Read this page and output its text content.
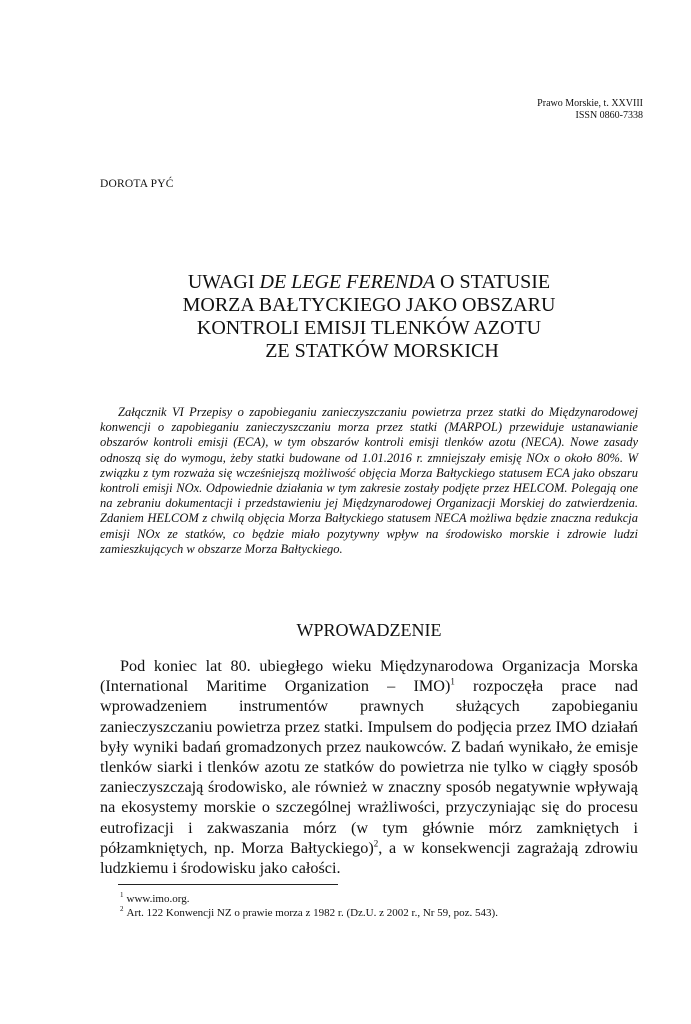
Prawo Morskie, t. XXVIII
ISSN 0860-7338
DOROTA PYĆ
UWAGI DE LEGE FERENDA O STATUSIE
MORZA BAŁTYCKIEGO JAKO OBSZARU
KONTROLI EMISJI TLENKÓW AZOTU
ZE STATKÓW MORSKICH

Załącznik VI Przepisy o zapobieganiu zanieczyszczaniu powietrza przez statki do Międzynarodowej konwencji o zapobieganiu zanieczyszczaniu morza przez statki (MARPOL) przewiduje ustanawianie obszarów kontroli emisji (ECA), w tym obszarów kontroli emisji tlenków azotu (NECA). Nowe zasady odnoszą się do wymogu, żeby statki budowane od 1.01.2016 r. zmniejszały emisję NOx o około 80%. W związku z tym rozważa się wcześniejszą możliwość objęcia Morza Bałtyckiego statusem ECA jako obszaru kontroli emisji NOx. Odpowiednie działania w tym zakresie zostały podjęte przez HELCOM. Polegają one na zebraniu dokumentacji i przedstawieniu jej Międzynarodowej Organizacji Morskiej do zatwierdzenia. Zdaniem HELCOM z chwilą objęcia Morza Bałtyckiego statusem NECA możliwa będzie znaczna redukcja emisji NOx ze statków, co będzie miało pozytywny wpływ na środowisko morskie i zdrowie ludzi zamieszkujących w obszarze Morza Bałtyckiego.

WPROWADZENIE

Pod koniec lat 80. ubiegłego wieku Międzynarodowa Organizacja Morska (International Maritime Organization – IMO)$^1$ rozpoczęła prace nad wprowadzeniem instrumentów prawnych służących zapobieganiu zanieczyszczaniu powietrza przez statki. Impulsem do podjęcia przez IMO działań były wyniki badań gromadzonych przez naukowców. Z badań wynikało, że emisje tlenków siarki i tlenków azotu ze statków do powietrza nie tylko w ciągły sposób zanieczyszczają środowisko, ale również w znaczny sposób negatywnie wpływają na ekosystemy morskie o szczególnej wrażliwości, przyczyniając się do procesu eutrofizacji i zakwaszania mórz (w tym głównie mórz zamkniętych i półzamkniętych, np. Morza Bałtyckiego)$^2$, a w konsekwencji zagrażają zdrowiu ludzkiemu i środowisku jako całości.

$^1$ www.imo.org.
$^2$ Art. 122 Konwencji NZ o prawie morza z 1982 r. (Dz.U. z 2002 r., Nr 59, poz. 543).
